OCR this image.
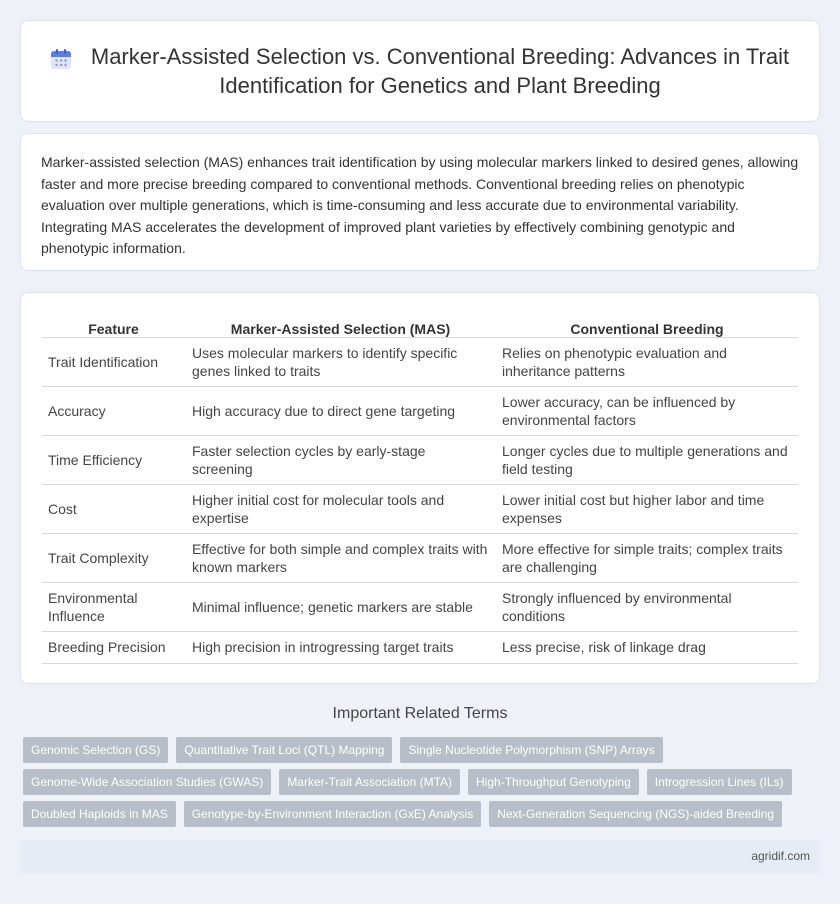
Marker-Assisted Selection vs. Conventional Breeding: Advances in Trait Identification for Genetics and Plant Breeding

Marker-assisted selection (MAS) enhances trait identification by using molecular markers linked to desired genes, allowing faster and more precise breeding compared to conventional methods. Conventional breeding relies on phenotypic evaluation over multiple generations, which is time-consuming and less accurate due to environmental variability. Integrating MAS accelerates the development of improved plant varieties by effectively combining genotypic and phenotypic information.

Feature	Marker-Assisted Selection (MAS)	Conventional Breeding
Trait Identification	Uses molecular markers to identify specific genes linked to traits	Relies on phenotypic evaluation and inheritance patterns
Accuracy	High accuracy due to direct gene targeting	Lower accuracy, can be influenced by environmental factors
Time Efficiency	Faster selection cycles by early-stage screening	Longer cycles due to multiple generations and field testing
Cost	Higher initial cost for molecular tools and expertise	Lower initial cost but higher labor and time expenses
Trait Complexity	Effective for both simple and complex traits with known markers	More effective for simple traits; complex traits are challenging
Environmental Influence	Minimal influence; genetic markers are stable	Strongly influenced by environmental conditions
Breeding Precision	High precision in introgressing target traits	Less precise, risk of linkage drag
Important Related Terms
Genomic Selection (GS)	Quantitative Trait Loci (QTL) Mapping	Single Nucleotide Polymorphism (SNP) Arrays
Genome-Wide Association Studies (GWAS)	Marker-Trait Association (MTA)	High-Throughput Genotyping	Introgression Lines (ILs)
Doubled Haploids in MAS	Genotype-by-Environment Interaction (GxE) Analysis	Next-Generation Sequencing (NGS)-aided Breeding
agridif.com
